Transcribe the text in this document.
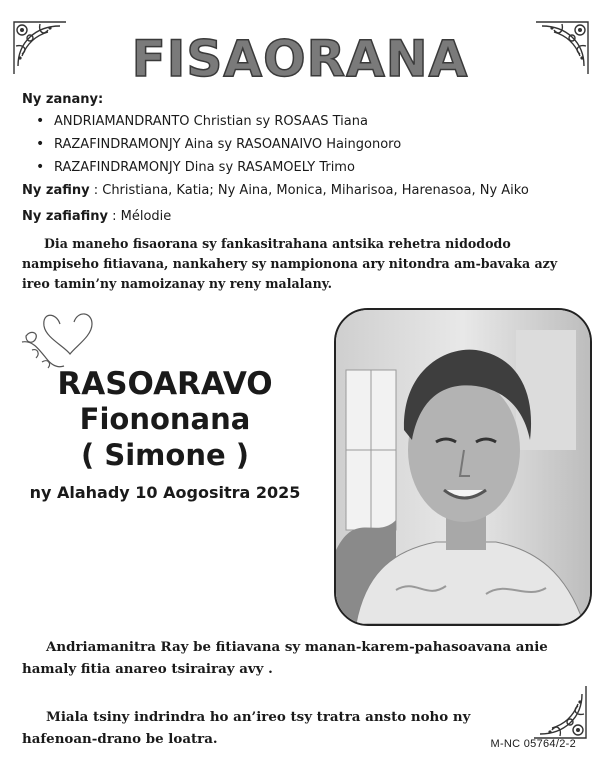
FISAORANA
Ny zanany:
• ANDRIAMANDRANTO Christian sy ROSAAS Tiana
• RAZAFINDRAMONJY Aina sy RASOANAIVO Haingonoro
• RAZAFINDRAMONJY Dina sy RASAMOELY Trimo
Ny zafiny : Christiana, Katia; Ny Aina, Monica, Miharisoa, Harenasoa, Ny Aiko
Ny zafiafiny : Mélodie
Dia maneho fisaorana sy fankasitrahana antsika rehetra nidododo nampiseho fitiavana, nankahery sy nampionona ary nitondra am-bavaka azy ireo tamin’ny namoizanay ny reny malalany.
RASOARAVO
Fiononana
( Simone )
ny Alahady 10 Aogositra 2025
Andriamanitra Ray be fitiavana sy manan-karem-pahasoavana anie hamaly fitia anareo tsirairay avy .
Miala tsiny indrindra ho an’ireo tsy tratra ansto noho ny hafenoan-drano be loatra.	M-NC 05764/2-2
